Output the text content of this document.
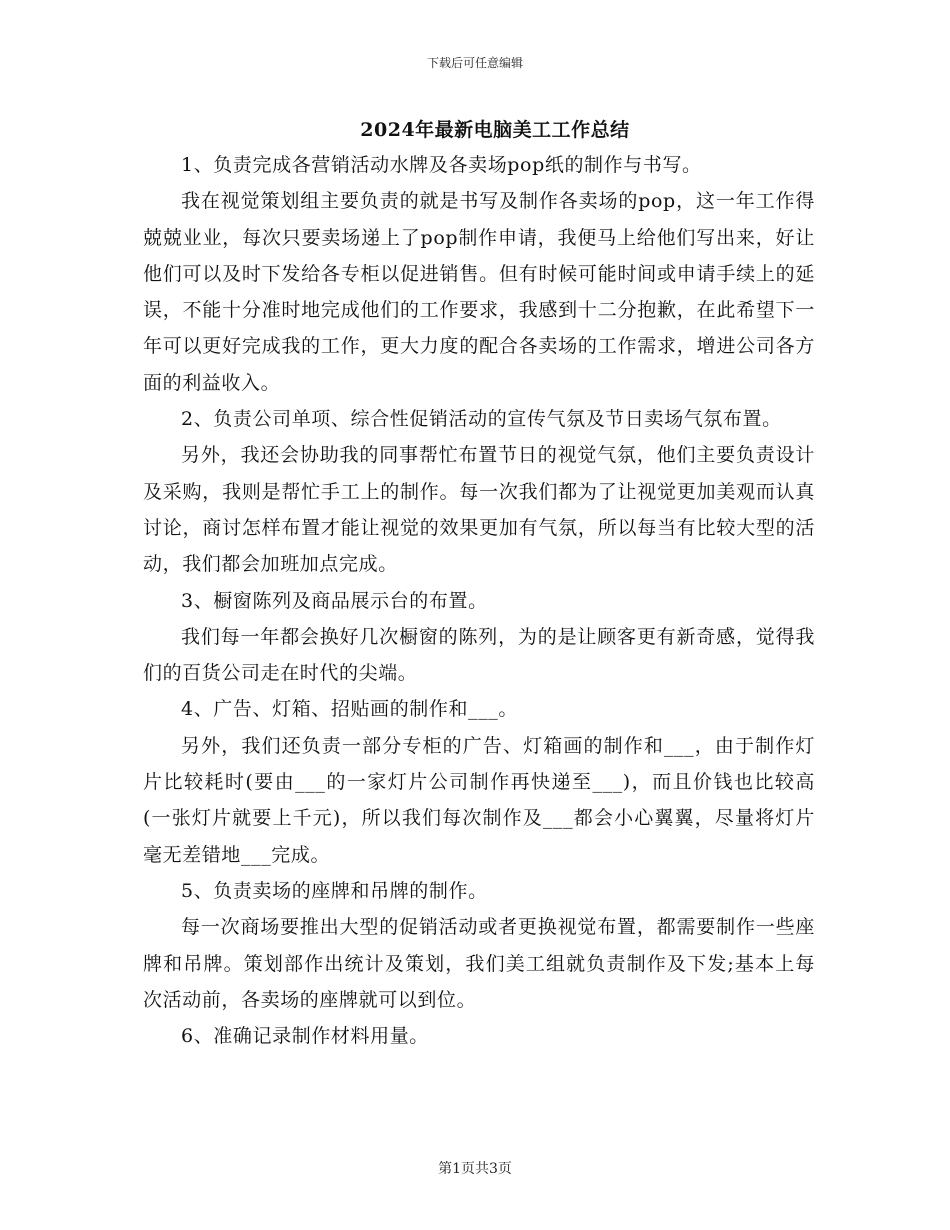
下载后可任意编辑
2024年最新电脑美工工作总结

1、负责完成各营销活动水牌及各卖场pop纸的制作与书写。

我在视觉策划组主要负责的就是书写及制作各卖场的pop，这一年工作得兢兢业业，每次只要卖场递上了pop制作申请，我便马上给他们写出来，好让他们可以及时下发给各专柜以促进销售。但有时候可能时间或申请手续上的延误，不能十分准时地完成他们的工作要求，我感到十二分抱歉，在此希望下一年可以更好完成我的工作，更大力度的配合各卖场的工作需求，增进公司各方面的利益收入。

2、负责公司单项、综合性促销活动的宣传气氛及节日卖场气氛布置。

另外，我还会协助我的同事帮忙布置节日的视觉气氛，他们主要负责设计及采购，我则是帮忙手工上的制作。每一次我们都为了让视觉更加美观而认真讨论，商讨怎样布置才能让视觉的效果更加有气氛，所以每当有比较大型的活动，我们都会加班加点完成。

3、橱窗陈列及商品展示台的布置。

我们每一年都会换好几次橱窗的陈列，为的是让顾客更有新奇感，觉得我们的百货公司走在时代的尖端。

4、广告、灯箱、招贴画的制作和___。

另外，我们还负责一部分专柜的广告、灯箱画的制作和___，由于制作灯片比较耗时(要由___的一家灯片公司制作再快递至___)，而且价钱也比较高(一张灯片就要上千元)，所以我们每次制作及___都会小心翼翼，尽量将灯片毫无差错地___完成。

5、负责卖场的座牌和吊牌的制作。

每一次商场要推出大型的促销活动或者更换视觉布置，都需要制作一些座牌和吊牌。策划部作出统计及策划，我们美工组就负责制作及下发;基本上每次活动前，各卖场的座牌就可以到位。

6、准确记录制作材料用量。

第1页共3页
